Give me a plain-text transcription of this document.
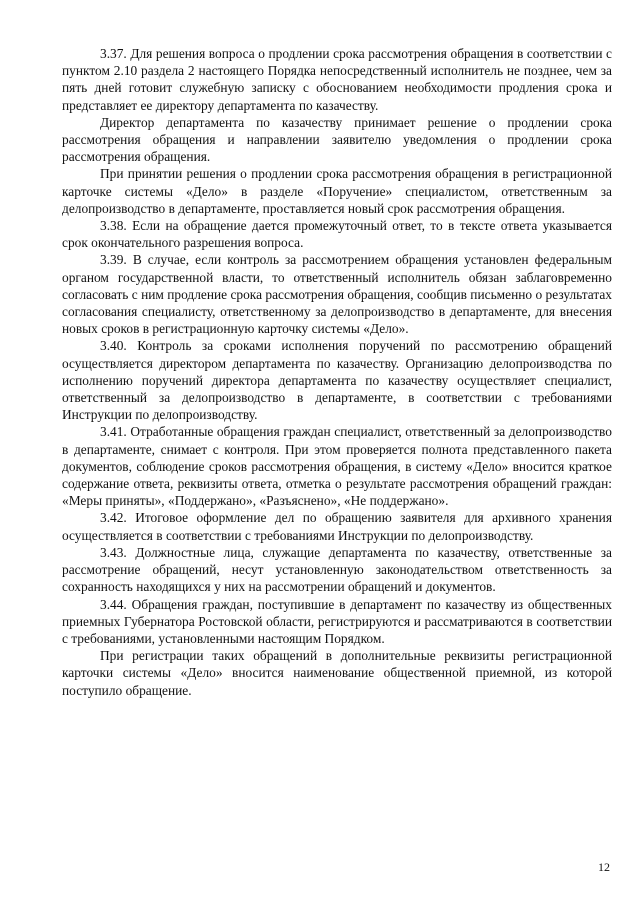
3.37. Для решения вопроса о продлении срока рассмотрения обращения в соответствии с пунктом 2.10 раздела 2 настоящего Порядка непосредственный исполнитель не позднее, чем за пять дней готовит служебную записку с обоснованием необходимости продления срока и представляет ее директору департамента по казачеству.

Директор департамента по казачеству принимает решение о продлении срока рассмотрения обращения и направлении заявителю уведомления о продлении срока рассмотрения обращения.

При принятии решения о продлении срока рассмотрения обращения в регистрационной карточке системы «Дело» в разделе «Поручение» специалистом, ответственным за делопроизводство в департаменте, проставляется новый срок рассмотрения обращения.

3.38. Если на обращение дается промежуточный ответ, то в тексте ответа указывается срок окончательного разрешения вопроса.

3.39. В случае, если контроль за рассмотрением обращения установлен федеральным органом государственной власти, то ответственный исполнитель обязан заблаговременно согласовать с ним продление срока рассмотрения обращения, сообщив письменно о результатах согласования специалисту, ответственному за делопроизводство в департаменте, для внесения новых сроков в регистрационную карточку системы «Дело».

3.40. Контроль за сроками исполнения поручений по рассмотрению обращений осуществляется директором департамента по казачеству. Организацию делопроизводства по исполнению поручений директора департамента по казачеству осуществляет специалист, ответственный за делопроизводство в департаменте, в соответствии с требованиями Инструкции по делопроизводству.

3.41. Отработанные обращения граждан специалист, ответственный за делопроизводство в департаменте, снимает с контроля. При этом проверяется полнота представленного пакета документов, соблюдение сроков рассмотрения обращения, в систему «Дело» вносится краткое содержание ответа, реквизиты ответа, отметка о результате рассмотрения обращений граждан: «Меры приняты», «Поддержано», «Разъяснено», «Не поддержано».

3.42. Итоговое оформление дел по обращению заявителя для архивного хранения осуществляется в соответствии с требованиями Инструкции по делопроизводству.

3.43. Должностные лица, служащие департамента по казачеству, ответственные за рассмотрение обращений, несут установленную законодательством ответственность за сохранность находящихся у них на рассмотрении обращений и документов.

3.44. Обращения граждан, поступившие в департамент по казачеству из общественных приемных Губернатора Ростовской области, регистрируются и рассматриваются в соответствии с требованиями, установленными настоящим Порядком.

При регистрации таких обращений в дополнительные реквизиты регистрационной карточки системы «Дело» вносится наименование общественной приемной, из которой поступило обращение.

12
